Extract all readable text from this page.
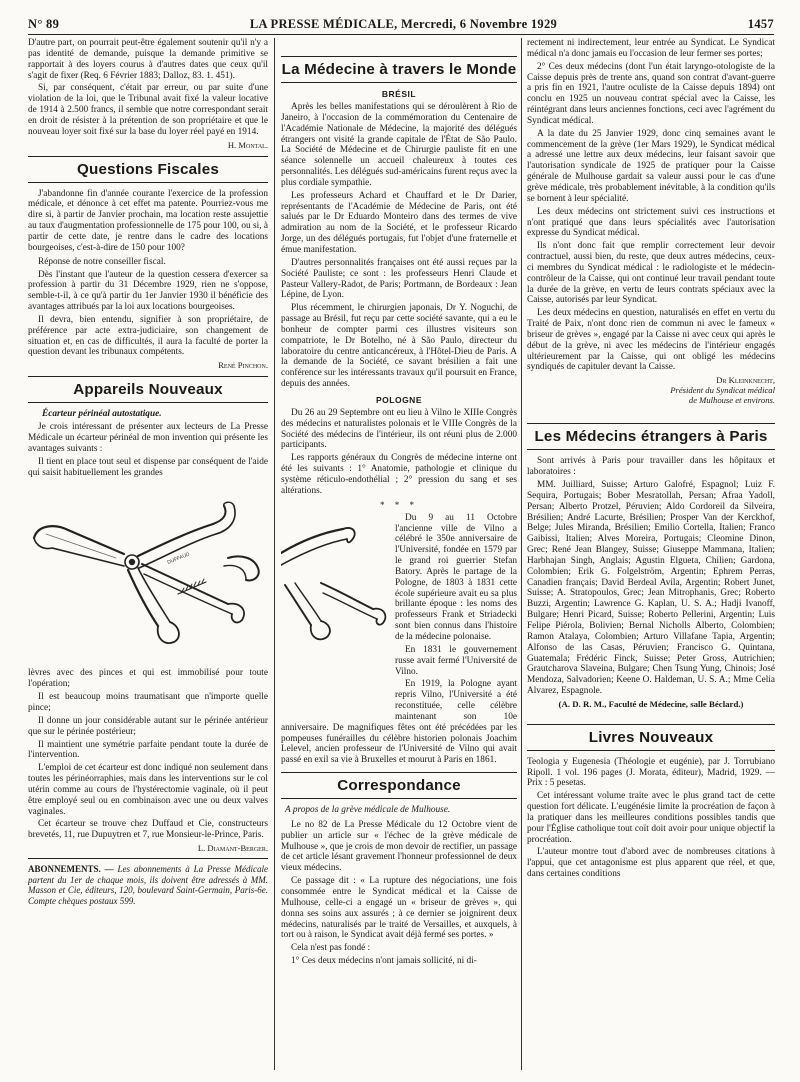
N° 89	LA PRESSE MÉDICALE, Mercredi, 6 Novembre 1929	1457

D'autre part, on pourrait peut-être également soutenir qu'il n'y a pas identité de demande, puisque la demande primitive se rapportait à des loyers courus à d'autres dates que ceux qu'il s'agit de fixer (Req. 6 Février 1883; Dalloz, 83. 1. 451).

Si, par conséquent, c'était par erreur, ou par suite d'une violation de la loi, que le Tribunal avait fixé la valeur locative de 1914 à 2.500 francs, il semble que notre correspondant serait en droit de résister à la prétention de son propriétaire et que le nouveau loyer soit fixé sur la base du loyer réel payé en 1914.

H. Montal.
Questions Fiscales

J'abandonne fin d'année courante l'exercice de la profession médicale, et dénonce à cet effet ma patente. Pourriez-vous me dire si, à partir de Janvier prochain, ma location reste assujettie au taux d'augmentation professionnelle de 175 pour 100, ou si, à partir de cette date, je rentre dans le cadre des locations bourgeoises, c'est-à-dire de 150 pour 100?

Réponse de notre conseiller fiscal.

Dès l'instant que l'auteur de la question cessera d'exercer sa profession à partir du 31 Décembre 1929, rien ne s'oppose, semble-t-il, à ce qu'à partir du 1er Janvier 1930 il bénéficie des avantages attribués par la loi aux locations bourgeoises.

Il devra, bien entendu, signifier à son propriétaire, de préférence par acte extra-judiciaire, son changement de situation et, en cas de difficultés, il aura la faculté de porter la question devant les tribunaux compétents.

René Pinchon.
Appareils Nouveaux
Écarteur périnéal autostatique.

Je crois intéressant de présenter aux lecteurs de La Presse Médicale un écarteur périnéal de mon invention qui présente les avantages suivants :

Il tient en place tout seul et dispense par conséquent de l'aide qui saisit habituellement les grandes

DUFFAUD

lèvres avec des pinces et qui est immobilisé pour toute l'opération;

Il est beaucoup moins traumatisant que n'importe quelle pince;

Il donne un jour considérable autant sur le périnée antérieur que sur le périnée postérieur;

Il maintient une symétrie parfaite pendant toute la durée de l'intervention.

L'emploi de cet écarteur est donc indiqué non seulement dans toutes les périnéorraphies, mais dans les interventions sur le col utérin comme au cours de l'hystérectomie vaginale, où il peut être employé seul ou en combinaison avec une ou deux valves vaginales.

Cet écarteur se trouve chez Duffaud et Cie, constructeurs brevetés, 11, rue Dupuytren et 7, rue Monsieur-le-Prince, Paris.

L. Diamant-Berger.

ABONNEMENTS. — Les abonnements à La Presse Médicale partent du 1er de chaque mois, ils doivent être adressés à MM. Masson et Cie, éditeurs, 120, boulevard Saint-Germain, Paris-6e. Compte chèques postaux 599.

La Médecine à travers le Monde
BRÉSIL

Après les belles manifestations qui se déroulèrent à Rio de Janeiro, à l'occasion de la commémoration du Centenaire de l'Académie Nationale de Médecine, la majorité des délégués étrangers ont visité la grande capitale de l'État de São Paulo. La Société de Médecine et de Chirurgie pauliste fit en une séance solennelle un accueil chaleureux à toutes ces personnalités. Les délégués sud-américains furent reçus avec la plus cordiale sympathie.

Les professeurs Achard et Chauffard et le Dr Darier, représentants de l'Académie de Médecine de Paris, ont été salués par le Dr Eduardo Monteiro dans des termes de vive admiration au nom de la Société, et le professeur Ricardo Jorge, un des délégués portugais, fut l'objet d'une fraternelle et émue manifestation.

D'autres personnalités françaises ont été aussi reçues par la Société Pauliste; ce sont : les professeurs Henri Claude et Pasteur Vallery-Radot, de Paris; Portmann, de Bordeaux : Jean Lépine, de Lyon.

Plus récemment, le chirurgien japonais, Dr Y. Noguchi, de passage au Brésil, fut reçu par cette société savante, qui a eu le bonheur de compter parmi ces illustres visiteurs son compatriote, le Dr Botelho, né à São Paulo, directeur du laboratoire du centre anticancéreux, à l'Hôtel-Dieu de Paris. A la demande de la Société, ce savant brésilien a fait une conférence sur les intéressants travaux qu'il poursuit en France, depuis des années.

POLOGNE

Du 26 au 29 Septembre ont eu lieu à Vilno le XIIIe Congrès des médecins et naturalistes polonais et le VIIIe Congrès de la Société des médecins de l'intérieur, ils ont réuni plus de 2.000 participants.

Les rapports généraux du Congrès de médecine interne ont été les suivants : 1° Anatomie, pathologie et clinique du système réticulo-endothélial ; 2° pression du sang et ses altérations.

* * *

Du 9 au 11 Octobre l'ancienne ville de Vilno a célébré le 350e anniversaire de l'Université, fondée en 1579 par le grand roi guerrier Stefan Batory. Après le partage de la Pologne, de 1803 à 1831 cette école supérieure avait eu sa plus brillante époque : les noms des professeurs Frank et Striadecki sont bien connus dans l'histoire de la médecine polonaise.

En 1831 le gouvernement russe avait fermé l'Université de Vilno.

En 1919, la Pologne ayant repris Vilno, l'Université a été reconstituée, celle célèbre maintenant son 10e anniversaire. De magnifiques fêtes ont été précédées par les pompeuses funérailles du célèbre historien polonais Joachim Lelevel, ancien professeur de l'Université de Vilno qui avait passé en exil sa vie à Bruxelles et mourut à Paris en 1861.

Correspondance

A propos de la grève médicale de Mulhouse.

Le no 82 de La Presse Médicale du 12 Octobre vient de publier un article sur « l'échec de la grève médicale de Mulhouse », que je crois de mon devoir de rectifier, un passage de cet article lésant gravement l'honneur professionnel de deux vieux médecins.

Ce passage dit : « La rupture des négociations, une fois consommée entre le Syndicat médical et la Caisse de Mulhouse, celle-ci a engagé un « briseur de grèves », qui donna ses soins aux assurés ; à ce dernier se joignirent deux médecins, naturalisés par le traité de Versailles, et auxquels, à tort ou à raison, le Syndicat avait déjà fermé ses portes. »

Cela n'est pas fondé :

1° Ces deux médecins n'ont jamais sollicité, ni di-

rectement ni indirectement, leur entrée au Syndicat. Le Syndicat médical n'a donc jamais eu l'occasion de leur fermer ses portes;

2° Ces deux médecins (dont l'un était laryngo-otologiste de la Caisse depuis près de trente ans, quand son contrat d'avant-guerre a pris fin en 1921, l'autre oculiste de la Caisse depuis 1894) ont conclu en 1925 un nouveau contrat spécial avec la Caisse, les réintégrant dans leurs anciennes fonctions, ceci avec l'agrément du Syndicat médical.

A la date du 25 Janvier 1929, donc cinq semaines avant le commencement de la grève (1er Mars 1929), le Syndicat médical a adressé une lettre aux deux médecins, leur faisant savoir que l'autorisation syndicale de 1925 de pratiquer pour la Caisse générale de Mulhouse gardait sa valeur aussi pour le cas d'une grève médicale, très probablement inévitable, à la condition qu'ils se bornent à leur spécialité.

Les deux médecins ont strictement suivi ces instructions et n'ont pratiqué que dans leurs spécialités avec l'autorisation expresse du Syndicat médical.

Ils n'ont donc fait que remplir correctement leur devoir contractuel, aussi bien, du reste, que deux autres médecins, ceux-ci membres du Syndicat médical : le radiologiste et le médecin-contrôleur de la Caisse, qui ont continué leur travail pendant toute la durée de la grève, en vertu de leurs contrats spéciaux avec la Caisse, autorisés par leur Syndicat.

Les deux médecins en question, naturalisés en effet en vertu du Traité de Paix, n'ont donc rien de commun ni avec le fameux « briseur de grèves », engagé par la Caisse ni avec ceux qui après le début de la grève, ni avec les médecins de l'intérieur engagés ultérieurement par la Caisse, qui ont obligé les médecins syndiqués de capituler devant la Caisse.

Dr Kleinknecht,
Président du Syndicat médical
de Mulhouse et environs.
Les Médecins étrangers à Paris

Sont arrivés à Paris pour travailler dans les hôpitaux et laboratoires :

MM. Juilliard, Suisse; Arturo Galofré, Espagnol; Luiz F. Sequira, Portugais; Bober Mesratollah, Persan; Afraa Yadoll, Persan; Alberto Protzel, Péruvien; Aldo Cordoreil da Silveira, Brésilien; André Lacurte, Brésilien; Prosper Van der Kerckhof, Belge; Jules Miranda, Brésilien; Emilio Cortella, Italien; Franco Gaibissi, Italien; Alves Moreira, Portugais; Cleomine Dinon, Grec; René Jean Blangey, Suisse; Giuseppe Mammana, Italien; Harbhajan Singh, Anglais; Agustin Elgueta, Chilien; Gardona, Colombien; Erik G. Folgelström, Argentin; Ephrem Perras, Canadien français; David Berdeal Avila, Argentin; Robert Junet, Suisse; A. Stratopoulos, Grec; Jean Mitrophanis, Grec; Roberto Buzzi, Argentin; Lawrence G. Kaplan, U. S. A.; Hadji Ivanoff, Bulgare; Henri Picard, Suisse; Roberto Pellerini, Argentin; Luis Felipe Piérola, Bolivien; Bernal Nicholls Alberto, Colombien; Ramon Atalaya, Colombien; Arturo Villafane Tapia, Argentin; Alfonso de las Casas, Péruvien; Francisco G. Quintana, Guatemala; Frédéric Finck, Suisse; Peter Gross, Autrichien; Grautcharova Slaveina, Bulgare; Chen Tsung Yung, Chinois; José Mendoza, Salvadorien; Keene O. Haldeman, U. S. A.; Mme Celia Alvarez, Espagnole.

(A. D. R. M., Faculté de Médecine, salle Béclard.)

Livres Nouveaux

Teologia y Eugenesia (Théologie et eugénie), par J. Torrubiano Ripoll. 1 vol. 196 pages (J. Morata, éditeur), Madrid, 1929. — Prix : 5 pesetas.

Cet intéressant volume traite avec le plus grand tact de cette question fort délicate. L'eugénésie limite la procréation de façon à la pratiquer dans les meilleures conditions possibles tandis que pour l'Église catholique tout coït doit avoir pour unique objectif la procréation.

L'auteur montre tout d'abord avec de nombreuses citations à l'appui, que cet antagonisme est plus apparent que réel, et que, dans certaines conditions
